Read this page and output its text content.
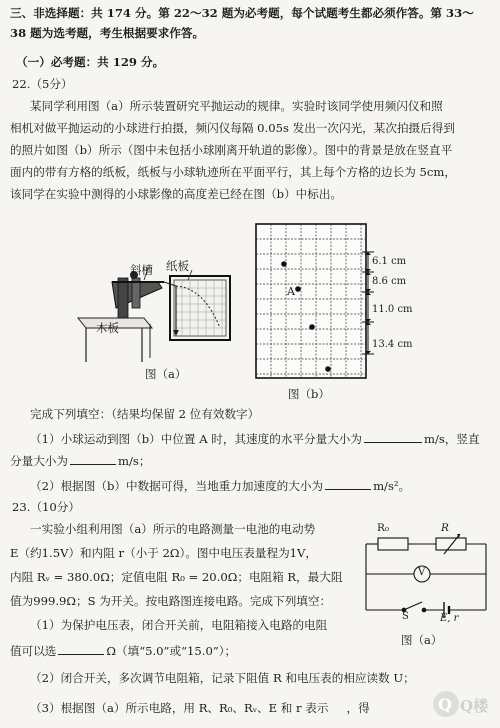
三、非选择题：共 174 分。第 22～32 题为必考题，每个试题考生都必须作答。第 33～
38 题为选考题，考生根据要求作答。
（一）必考题：共 129 分。
22.（5分）
某同学利用图（a）所示装置研究平抛运动的规律。实验时该同学使用频闪仪和照
相机对做平抛运动的小球进行拍摄，频闪仪每隔 0.05s 发出一次闪光，某次拍摄后得到
的照片如图（b）所示（图中未包括小球刚离开轨道的影像）。图中的背景是放在竖直平
面内的带有方格的纸板，纸板与小球轨迹所在平面平行，其上每个方格的边长为 5cm，
该同学在实验中测得的小球影像的高度差已经在图（b）中标出。
斜槽 纸板
木板
图（a）
A
6.1 cm
8.6 cm
11.0 cm
13.4 cm
图（b）
完成下列填空：（结果均保留 2 位有效数字）
（1）小球运动到图（b）中位置 A 时，其速度的水平分量大小为	m/s，竖直
分量大小为	m/s；
（2）根据图（b）中数据可得，当地重力加速度的大小为	m/s²。
23.（10分）
一实验小组利用图（a）所示的电路测量一电池的电动势
E（约1.5V）和内阻 r（小于 2Ω）。图中电压表量程为1V，
内阻 Rᵥ = 380.0Ω；定值电阻 R₀ = 20.0Ω；电阻箱 R，最大阻
值为999.9Ω；S 为开关。按电路图连接电路。完成下列填空：
（1）为保护电压表，闭合开关前，电阻箱接入电路的电阻
值可以选	Ω（填“5.0”或“15.0”）；
（2）闭合开关，多次调节电阻箱，记录下阻值 R 和电压表的相应读数 U；
（3）根据图（a）所示电路，用 R、R₀、Rᵥ、E 和 r 表示 ，得
R₀	R
V
S	E, r
图（a）
Q Q楼
